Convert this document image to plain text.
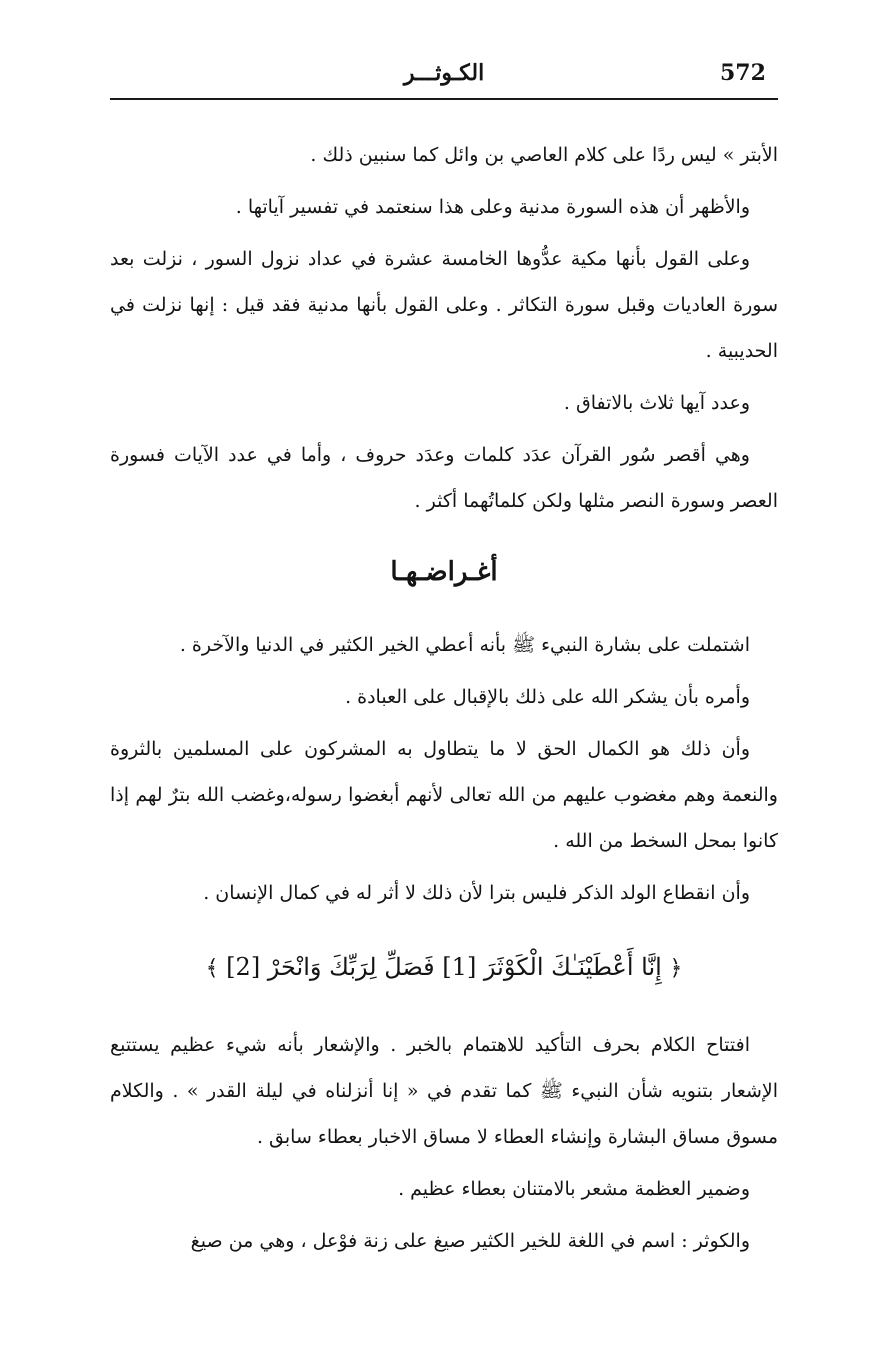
572
الكـوثـــر

الأبتر » ليس ردًا على كلام العاصي بن وائل كما سنبين ذلك .

والأظهر أن هذه السورة مدنية وعلى هذا سنعتمد في تفسير آياتها .

وعلى القول بأنها مكية عدُّوها الخامسة عشرة في عداد نزول السور ، نزلت بعد سورة العاديات وقبل سورة التكاثر . وعلى القول بأنها مدنية فقد قيل : إنها نزلت في الحديبية .

وعدد آيها ثلاث بالاتفاق .

وهي أقصر سُور القرآن عدَد كلمات وعدَد حروف ، وأما في عدد الآيات فسورة العصر وسورة النصر مثلها ولكن كلماتُهما أكثر .

أغـراضـهـا

اشتملت على بشارة النبيء ﷺ بأنه أعطي الخير الكثير في الدنيا والآخرة .

وأمره بأن يشكر الله على ذلك بالإقبال على العبادة .

وأن ذلك هو الكمال الحق لا ما يتطاول به المشركون على المسلمين بالثروة والنعمة وهم مغضوب عليهم من الله تعالى لأنهم أبغضوا رسوله،وغضب الله بترٌ لهم إذا كانوا بمحل السخط من الله .

وأن انقطاع الولد الذكر فليس بترا لأن ذلك لا أثر له في كمال الإنسان .

﴿ إِنَّا أَعْطَيْنَـٰكَ الْكَوْثَرَ [1] فَصَلِّ لِرَبِّكَ وَانْحَرْ [2] ﴾

افتتاح الكلام بحرف التأكيد للاهتمام بالخبر . والإشعار بأنه شيء عظيم يستتبع الإشعار بتنويه شأن النبيء ﷺ كما تقدم في « إنا أنزلناه في ليلة القدر » . والكلام مسوق مساق البشارة وإنشاء العطاء لا مساق الاخبار بعطاء سابق .

وضمير العظمة مشعر بالامتنان بعطاء عظيم .

والكوثر : اسم في اللغة للخير الكثير صيغ على زنة فوْعل ، وهي من صيغ
